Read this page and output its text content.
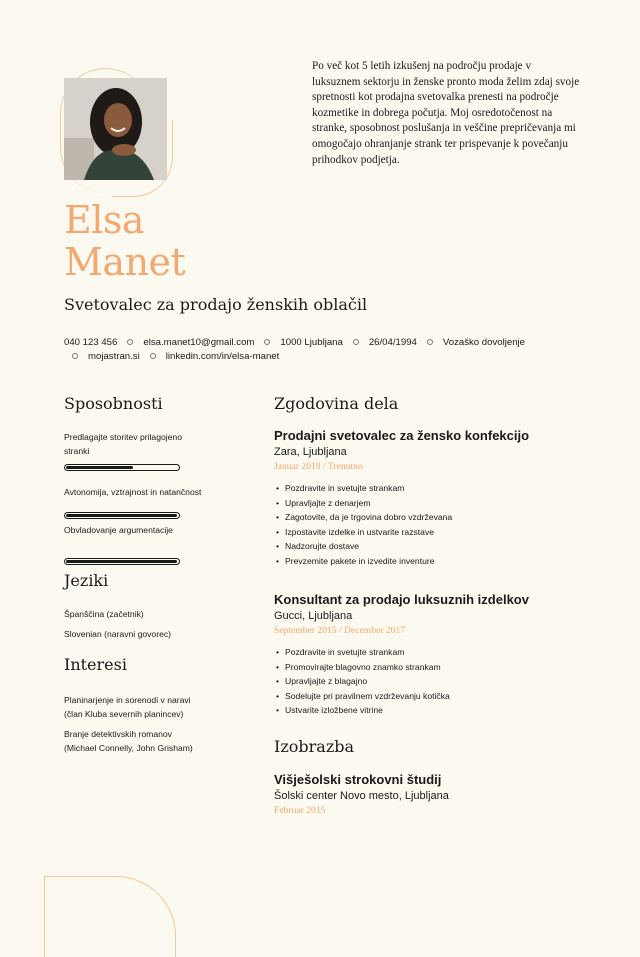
Po več kot 5 letih izkušenj na področju prodaje v luksuznem sektorju in ženske pronto moda želim zdaj svoje spretnosti kot prodajna svetovalka prenesti na področje kozmetike in dobrega počutja. Moj osredotočenost na stranke, sposobnost poslušanja in veščine prepričevanja mi omogočajo ohranjanje strank ter prispevanje k povečanju prihodkov podjetja.
Elsa
Manet
Svetovalec za prodajo ženskih oblačil
040 123 456	elsa.manet10@gmail.com	1000 Ljubljana	26/04/1994	Vozaško dovoljenje
mojastran.si	linkedin.com/in/elsa-manet
Sposobnosti
Predlagajte storitev prilagojeno stranki
Avtonomija, vztrajnost in natančnost
Obvladovanje argumentacije
Jeziki
Španščina (začetnik)
Slovenian (naravni govorec)
Interesi
Planinarjenje in sorenodi v naravi
(član Kluba severnih planincev)
Branje detektivskih romanov
(Michael Connelly, John Grisham)
Zgodovina dela
Prodajni svetovalec za žensko konfekcijo
Zara, Ljubljana
Januar 2018 / Trenutno
• Pozdravite in svetujte strankam
• Upravljajte z denarjem
• Zagotovite, da je trgovina dobro vzdrževana
• Izpostavite izdelke in ustvarite razstave
• Nadzorujte dostave
• Prevzemite pakete in izvedite inventure
Konsultant za prodajo luksuznih izdelkov
Gucci, Ljubljana
September 2015 / December 2017
• Pozdravite in svetujte strankam
• Promovirajte blagovno znamko strankam
• Upravljajte z blagajno
• Sodelujte pri pravilnem vzdrževanju kotička
• Ustvarite izložbene vitrine
Izobrazba
Višješolski strokovni študij
Šolski center Novo mesto, Ljubljana
Februar 2015
